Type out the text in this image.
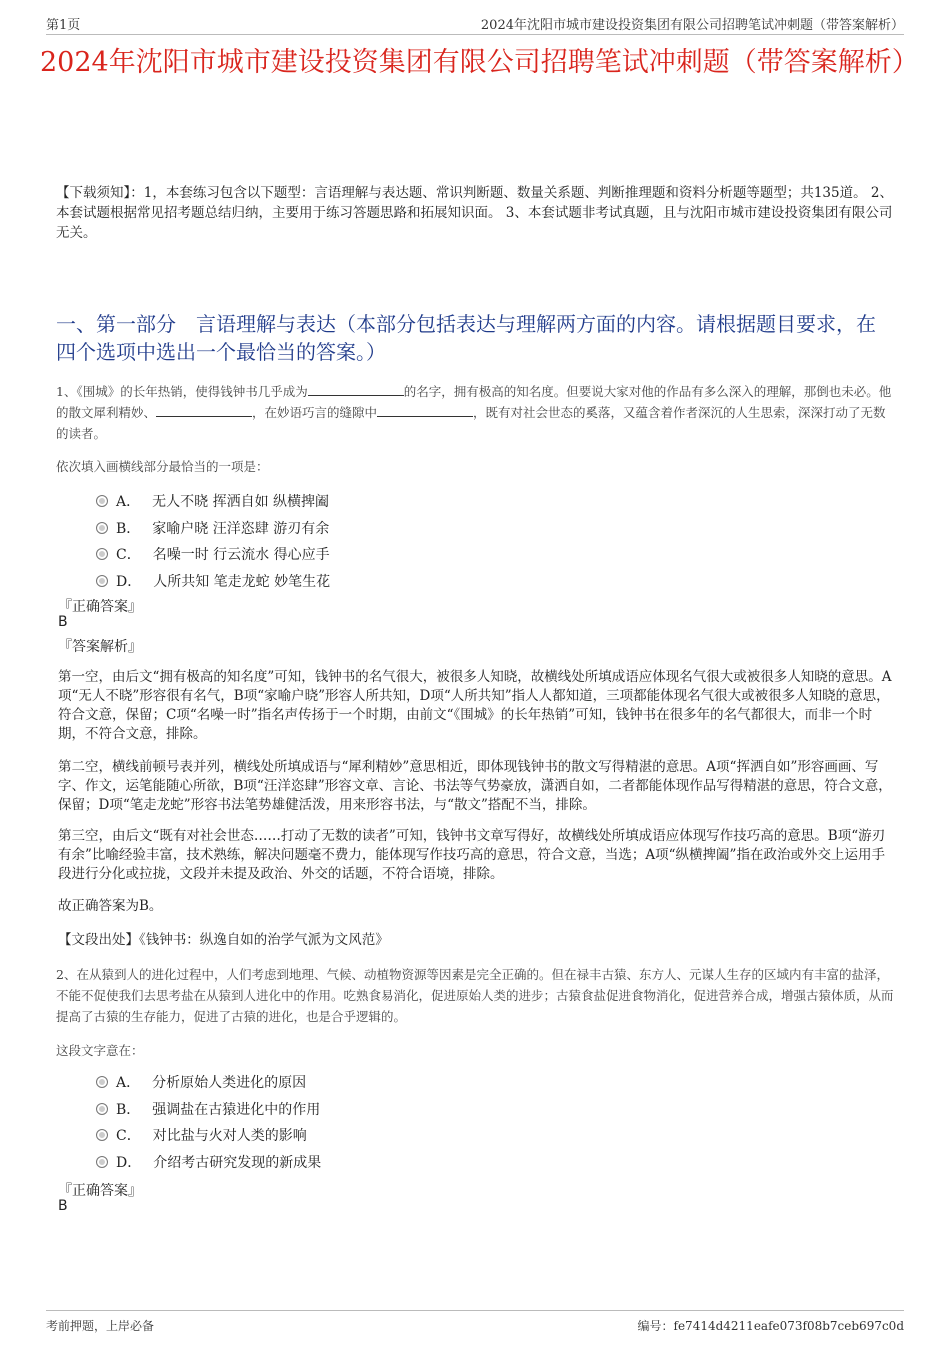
第1页	2024年沈阳市城市建设投资集团有限公司招聘笔试冲刺题（带答案解析）
2024年沈阳市城市建设投资集团有限公司招聘笔试冲刺题（带答案解析）
【下载须知】：1，本套练习包含以下题型：言语理解与表达题、常识判断题、数量关系题、判断推理题和资料分析题等题型；共135道。 2、本套试题根据常见招考题总结归纳，主要用于练习答题思路和拓展知识面。 3、本套试题非考试真题，且与沈阳市城市建设投资集团有限公司无关。
一、第一部分　言语理解与表达（本部分包括表达与理解两方面的内容。请根据题目要求，在四个选项中选出一个最恰当的答案。）
1、《围城》的长年热销，使得钱钟书几乎成为	的名字，拥有极高的知名度。但要说大家对他的作品有多么深入的理解，那倒也未必。他的散文犀利精妙、	，在妙语巧言的缝隙中	，既有对社会世态的奚落，又蕴含着作者深沉的人生思索，深深打动了无数的读者。
依次填入画横线部分最恰当的一项是：
A． 无人不晓 挥洒自如 纵横捭阖
B． 家喻户晓 汪洋恣肆 游刃有余
C． 名噪一时 行云流水 得心应手
D． 人所共知 笔走龙蛇 妙笔生花
『正确答案』
B
『答案解析』
第一空，由后文“拥有极高的知名度”可知，钱钟书的名气很大，被很多人知晓，故横线处所填成语应体现名气很大或被很多人知晓的意思。A项“无人不晓”形容很有名气，B项“家喻户晓”形容人所共知，D项“人所共知”指人人都知道，三项都能体现名气很大或被很多人知晓的意思，符合文意，保留；C项“名噪一时”指名声传扬于一个时期，由前文“《围城》的长年热销”可知，钱钟书在很多年的名气都很大，而非一个时期，不符合文意，排除。
第二空，横线前顿号表并列，横线处所填成语与“犀利精妙”意思相近，即体现钱钟书的散文写得精湛的意思。A项“挥洒自如”形容画画、写字、作文，运笔能随心所欲，B项“汪洋恣肆”形容文章、言论、书法等气势豪放，潇洒自如，二者都能体现作品写得精湛的意思，符合文意，保留；D项“笔走龙蛇”形容书法笔势雄健活泼，用来形容书法，与“散文”搭配不当，排除。
第三空，由后文“既有对社会世态……打动了无数的读者”可知，钱钟书文章写得好，故横线处所填成语应体现写作技巧高的意思。B项“游刃有余”比喻经验丰富，技术熟练，解决问题毫不费力，能体现写作技巧高的意思，符合文意，当选；A项“纵横捭阖”指在政治或外交上运用手段进行分化或拉拢，文段并未提及政治、外交的话题，不符合语境，排除。
故正确答案为B。
【文段出处】《钱钟书：纵逸自如的治学气派为文风范》
2、在从猿到人的进化过程中，人们考虑到地理、气候、动植物资源等因素是完全正确的。但在禄丰古猿、东方人、元谋人生存的区域内有丰富的盐泽，不能不促使我们去思考盐在从猿到人进化中的作用。吃熟食易消化，促进原始人类的进步；古猿食盐促进食物消化，促进营养合成，增强古猿体质，从而提高了古猿的生存能力，促进了古猿的进化，也是合乎逻辑的。
这段文字意在：
A． 分析原始人类进化的原因
B． 强调盐在古猿进化中的作用
C． 对比盐与火对人类的影响
D． 介绍考古研究发现的新成果
『正确答案』
B
考前押题，上岸必备	编号：fe7414d4211eafe073f08b7ceb697c0d
